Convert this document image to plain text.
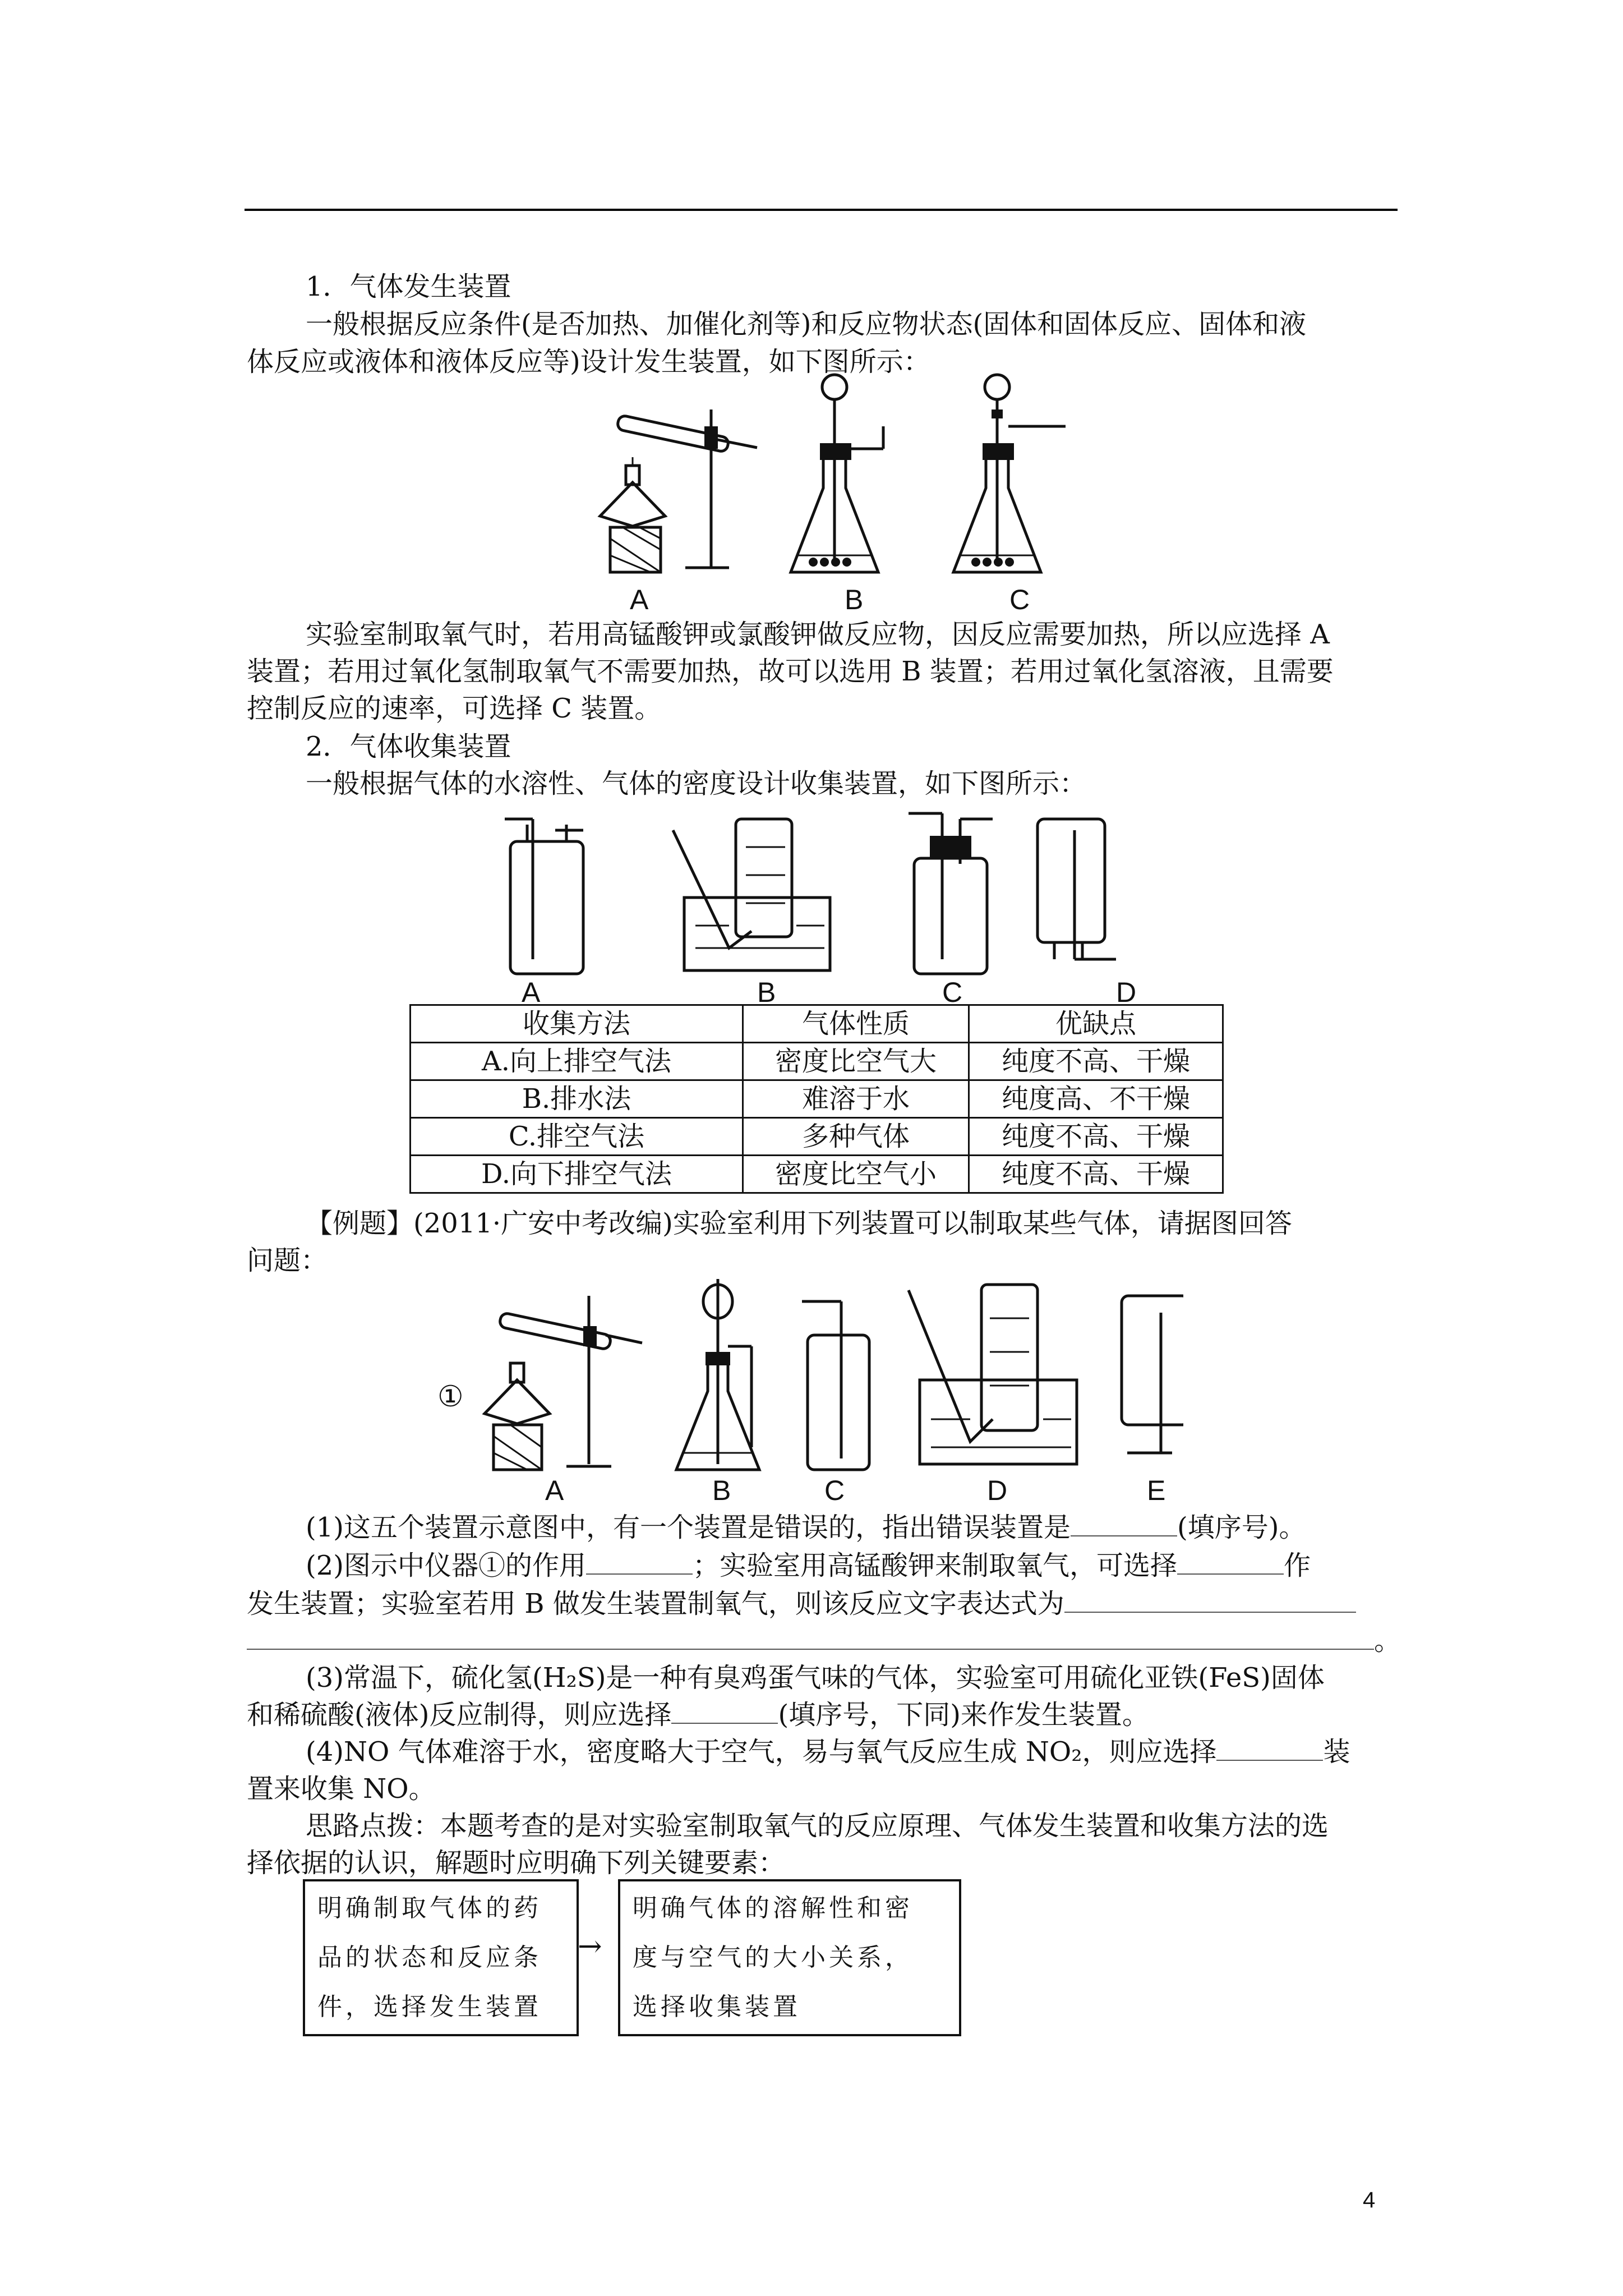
1．气体发生装置
一般根据反应条件(是否加热、加催化剂等)和反应物状态(固体和固体反应、固体和液
体反应或液体和液体反应等)设计发生装置，如下图所示：
A	B	C
实验室制取氧气时，若用高锰酸钾或氯酸钾做反应物，因反应需要加热，所以应选择 A
装置；若用过氧化氢制取氧气不需要加热，故可以选用 B 装置；若用过氧化氢溶液，且需要
控制反应的速率，可选择 C 装置。
2．气体收集装置
一般根据气体的水溶性、气体的密度设计收集装置，如下图所示：
A	B	C	D
收集方法	气体性质	优缺点
A.向上排空气法	密度比空气大	纯度不高、干燥
B.排水法	难溶于水	纯度高、不干燥
C.排空气法	多种气体	纯度不高、干燥
D.向下排空气法	密度比空气小	纯度不高、干燥
【例题】(2011·广安中考改编)实验室利用下列装置可以制取某些气体，请据图回答
问题：
①
A	B	C	D	E
(1)这五个装置示意图中，有一个装置是错误的，指出错误装置是	(填序号)。
(2)图示中仪器①的作用	；实验室用高锰酸钾来制取氧气，可选择	作
发生装置；实验室若用 B 做发生装置制氧气，则该反应文字表达式为
。
(3)常温下，硫化氢(H₂S)是一种有臭鸡蛋气味的气体，实验室可用硫化亚铁(FeS)固体
和稀硫酸(液体)反应制得，则应选择	(填序号，下同)来作发生装置。
(4)NO 气体难溶于水，密度略大于空气，易与氧气反应生成 NO₂，则应选择	装
置来收集 NO。
思路点拨：本题考查的是对实验室制取氧气的反应原理、气体发生装置和收集方法的选
择依据的认识，解题时应明确下列关键要素：
明确制取气体的药
品的状态和反应条
件，选择发生装置
→
明确气体的溶解性和密
度与空气的大小关系，
选择收集装置
4
